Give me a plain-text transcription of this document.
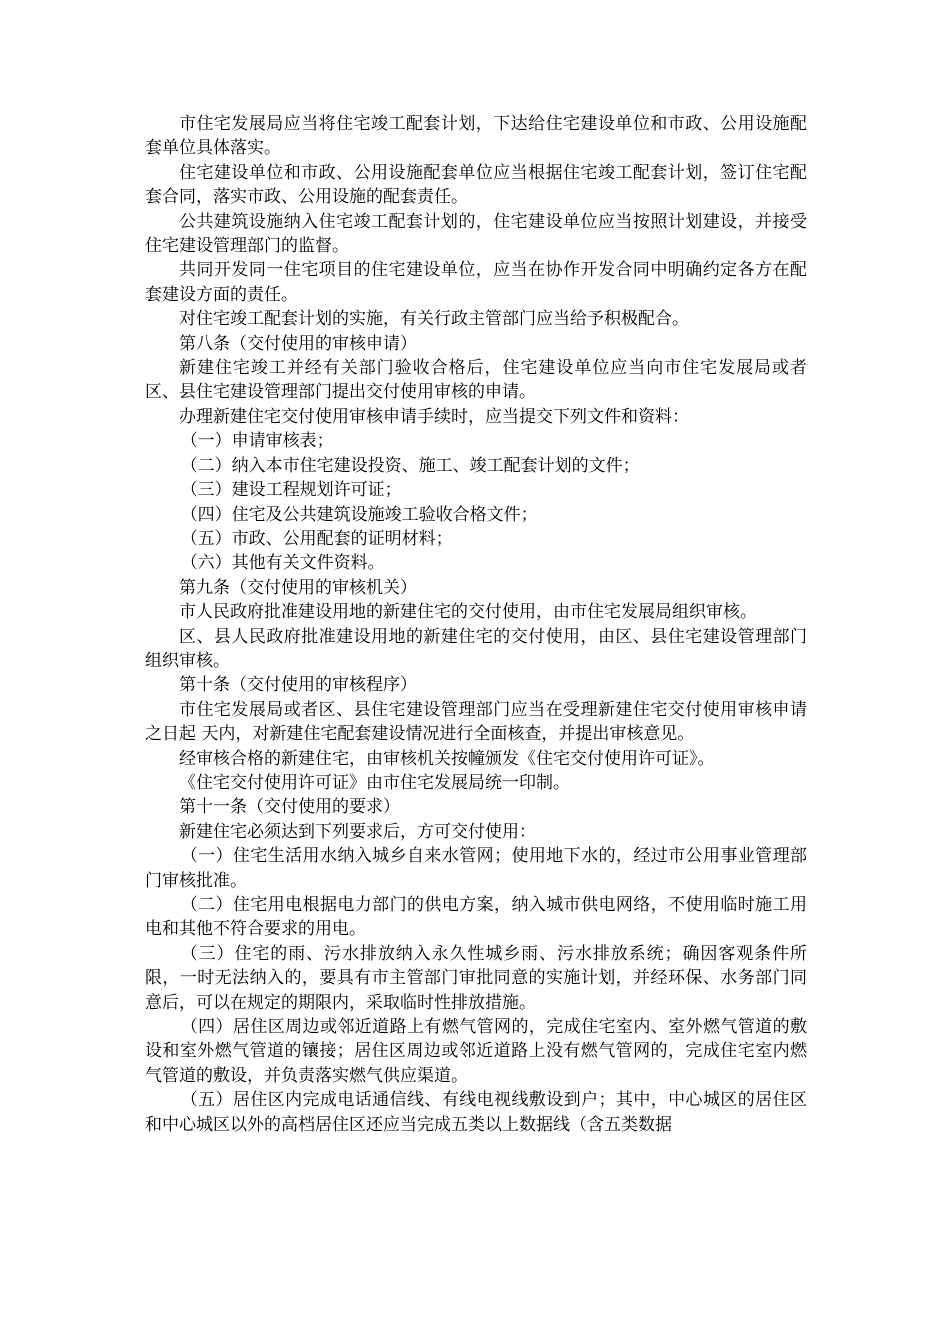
市住宅发展局应当将住宅竣工配套计划，下达给住宅建设单位和市政、公用设施配套单位具体落实。

住宅建设单位和市政、公用设施配套单位应当根据住宅竣工配套计划，签订住宅配套合同，落实市政、公用设施的配套责任。

公共建筑设施纳入住宅竣工配套计划的，住宅建设单位应当按照计划建设，并接受住宅建设管理部门的监督。

共同开发同一住宅项目的住宅建设单位，应当在协作开发合同中明确约定各方在配套建设方面的责任。

对住宅竣工配套计划的实施，有关行政主管部门应当给予积极配合。

第八条（交付使用的审核申请）

新建住宅竣工并经有关部门验收合格后，住宅建设单位应当向市住宅发展局或者区、县住宅建设管理部门提出交付使用审核的申请。

办理新建住宅交付使用审核申请手续时，应当提交下列文件和资料：

（一）申请审核表；

（二）纳入本市住宅建设投资、施工、竣工配套计划的文件；

（三）建设工程规划许可证；

（四）住宅及公共建筑设施竣工验收合格文件；

（五）市政、公用配套的证明材料；

（六）其他有关文件资料。

第九条（交付使用的审核机关）

市人民政府批准建设用地的新建住宅的交付使用，由市住宅发展局组织审核。

区、县人民政府批准建设用地的新建住宅的交付使用，由区、县住宅建设管理部门组织审核。

第十条（交付使用的审核程序）

市住宅发展局或者区、县住宅建设管理部门应当在受理新建住宅交付使用审核申请之日起 天内，对新建住宅配套建设情况进行全面核查，并提出审核意见。

经审核合格的新建住宅，由审核机关按幢颁发《住宅交付使用许可证》。

《住宅交付使用许可证》由市住宅发展局统一印制。

第十一条（交付使用的要求）

新建住宅必须达到下列要求后，方可交付使用：

（一）住宅生活用水纳入城乡自来水管网；使用地下水的，经过市公用事业管理部门审核批准。

（二）住宅用电根据电力部门的供电方案，纳入城市供电网络，不使用临时施工用电和其他不符合要求的用电。

（三）住宅的雨、污水排放纳入永久性城乡雨、污水排放系统；确因客观条件所限，一时无法纳入的，要具有市主管部门审批同意的实施计划，并经环保、水务部门同意后，可以在规定的期限内，采取临时性排放措施。

（四）居住区周边或邻近道路上有燃气管网的，完成住宅室内、室外燃气管道的敷设和室外燃气管道的镶接；居住区周边或邻近道路上没有燃气管网的，完成住宅室内燃气管道的敷设，并负责落实燃气供应渠道。

（五）居住区内完成电话通信线、有线电视线敷设到户；其中，中心城区的居住区和中心城区以外的高档居住区还应当完成五类以上数据线（含五类数据
